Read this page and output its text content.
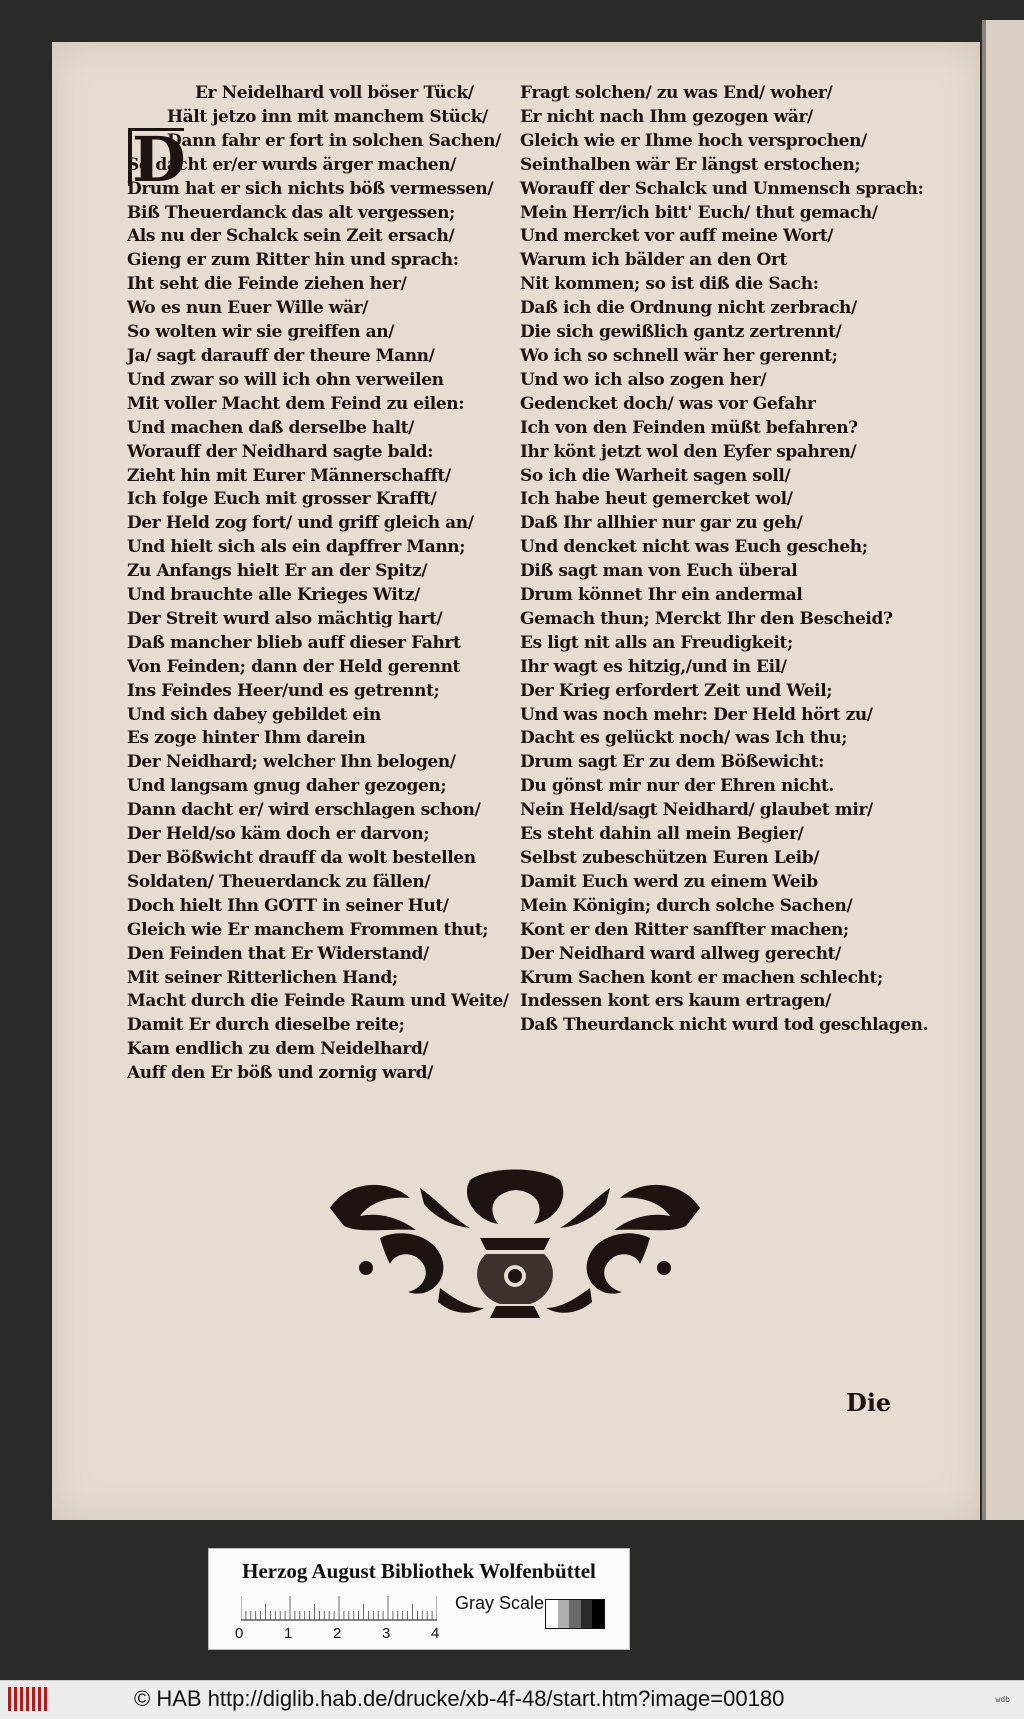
D
Er Neidelhard voll böser Tück/
Hält jetzo inn mit manchem Stück/
Dann fahr er fort in solchen Sachen/
So dacht er/er wurds ärger machen/
Drum hat er sich nichts böß vermessen/
Biß Theuerdanck das alt vergessen;
Als nu der Schalck sein Zeit ersach/
Gieng er zum Ritter hin und sprach:
Iht seht die Feinde ziehen her/
Wo es nun Euer Wille wär/
So wolten wir sie greiffen an/
Ja/ sagt darauff der theure Mann/
Und zwar so will ich ohn verweilen
Mit voller Macht dem Feind zu eilen:
Und machen daß derselbe halt/
Worauff der Neidhard sagte bald:
Zieht hin mit Eurer Männerschafft/
Ich folge Euch mit grosser Krafft/
Der Held zog fort/ und griff gleich an/
Und hielt sich als ein dapffrer Mann;
Zu Anfangs hielt Er an der Spitz/
Und brauchte alle Krieges Witz/
Der Streit wurd also mächtig hart/
Daß mancher blieb auff dieser Fahrt
Von Feinden; dann der Held gerennt
Ins Feindes Heer/und es getrennt;
Und sich dabey gebildet ein
Es zoge hinter Ihm darein
Der Neidhard; welcher Ihn belogen/
Und langsam gnug daher gezogen;
Dann dacht er/ wird erschlagen schon/
Der Held/so käm doch er darvon;
Der Bößwicht drauff da wolt bestellen
Soldaten/ Theuerdanck zu fällen/
Doch hielt Ihn GOTT in seiner Hut/
Gleich wie Er manchem Frommen thut;
Den Feinden that Er Widerstand/
Mit seiner Ritterlichen Hand;
Macht durch die Feinde Raum und Weite/
Damit Er durch dieselbe reite;
Kam endlich zu dem Neidelhard/
Auff den Er böß und zornig ward/
Fragt solchen/ zu was End/ woher/
Er nicht nach Ihm gezogen wär/
Gleich wie er Ihme hoch versprochen/
Seinthalben wär Er längst erstochen;
Worauff der Schalck und Unmensch sprach:
Mein Herr/ich bitt' Euch/ thut gemach/
Und mercket vor auff meine Wort/
Warum ich bälder an den Ort
Nit kommen; so ist diß die Sach:
Daß ich die Ordnung nicht zerbrach/
Die sich gewißlich gantz zertrennt/
Wo ich so schnell wär her gerennt;
Und wo ich also zogen her/
Gedencket doch/ was vor Gefahr
Ich von den Feinden müßt befahren?
Ihr könt jetzt wol den Eyfer spahren/
So ich die Warheit sagen soll/
Ich habe heut gemercket wol/
Daß Ihr allhier nur gar zu geh/
Und dencket nicht was Euch gescheh;
Diß sagt man von Euch überal
Drum könnet Ihr ein andermal
Gemach thun; Merckt Ihr den Bescheid?
Es ligt nit alls an Freudigkeit;
Ihr wagt es hitzig,/und in Eil/
Der Krieg erfordert Zeit und Weil;
Und was noch mehr: Der Held hört zu/
Dacht es gelückt noch/ was Ich thu;
Drum sagt Er zu dem Bößewicht:
Du gönst mir nur der Ehren nicht.
Nein Held/sagt Neidhard/ glaubet mir/
Es steht dahin all mein Begier/
Selbst zubeschützen Euren Leib/
Damit Euch werd zu einem Weib
Mein Königin; durch solche Sachen/
Kont er den Ritter sanffter machen;
Der Neidhard ward allweg gerecht/
Krum Sachen kont er machen schlecht;
Indessen kont ers kaum ertragen/
Daß Theurdanck nicht wurd tod geschlagen.
Die
Herzog August Bibliothek Wolfenbüttel
0	1	2	3	4
Gray Scale
© HAB http://diglib.hab.de/drucke/xb-4f-48/start.htm?image=00180	wdb
